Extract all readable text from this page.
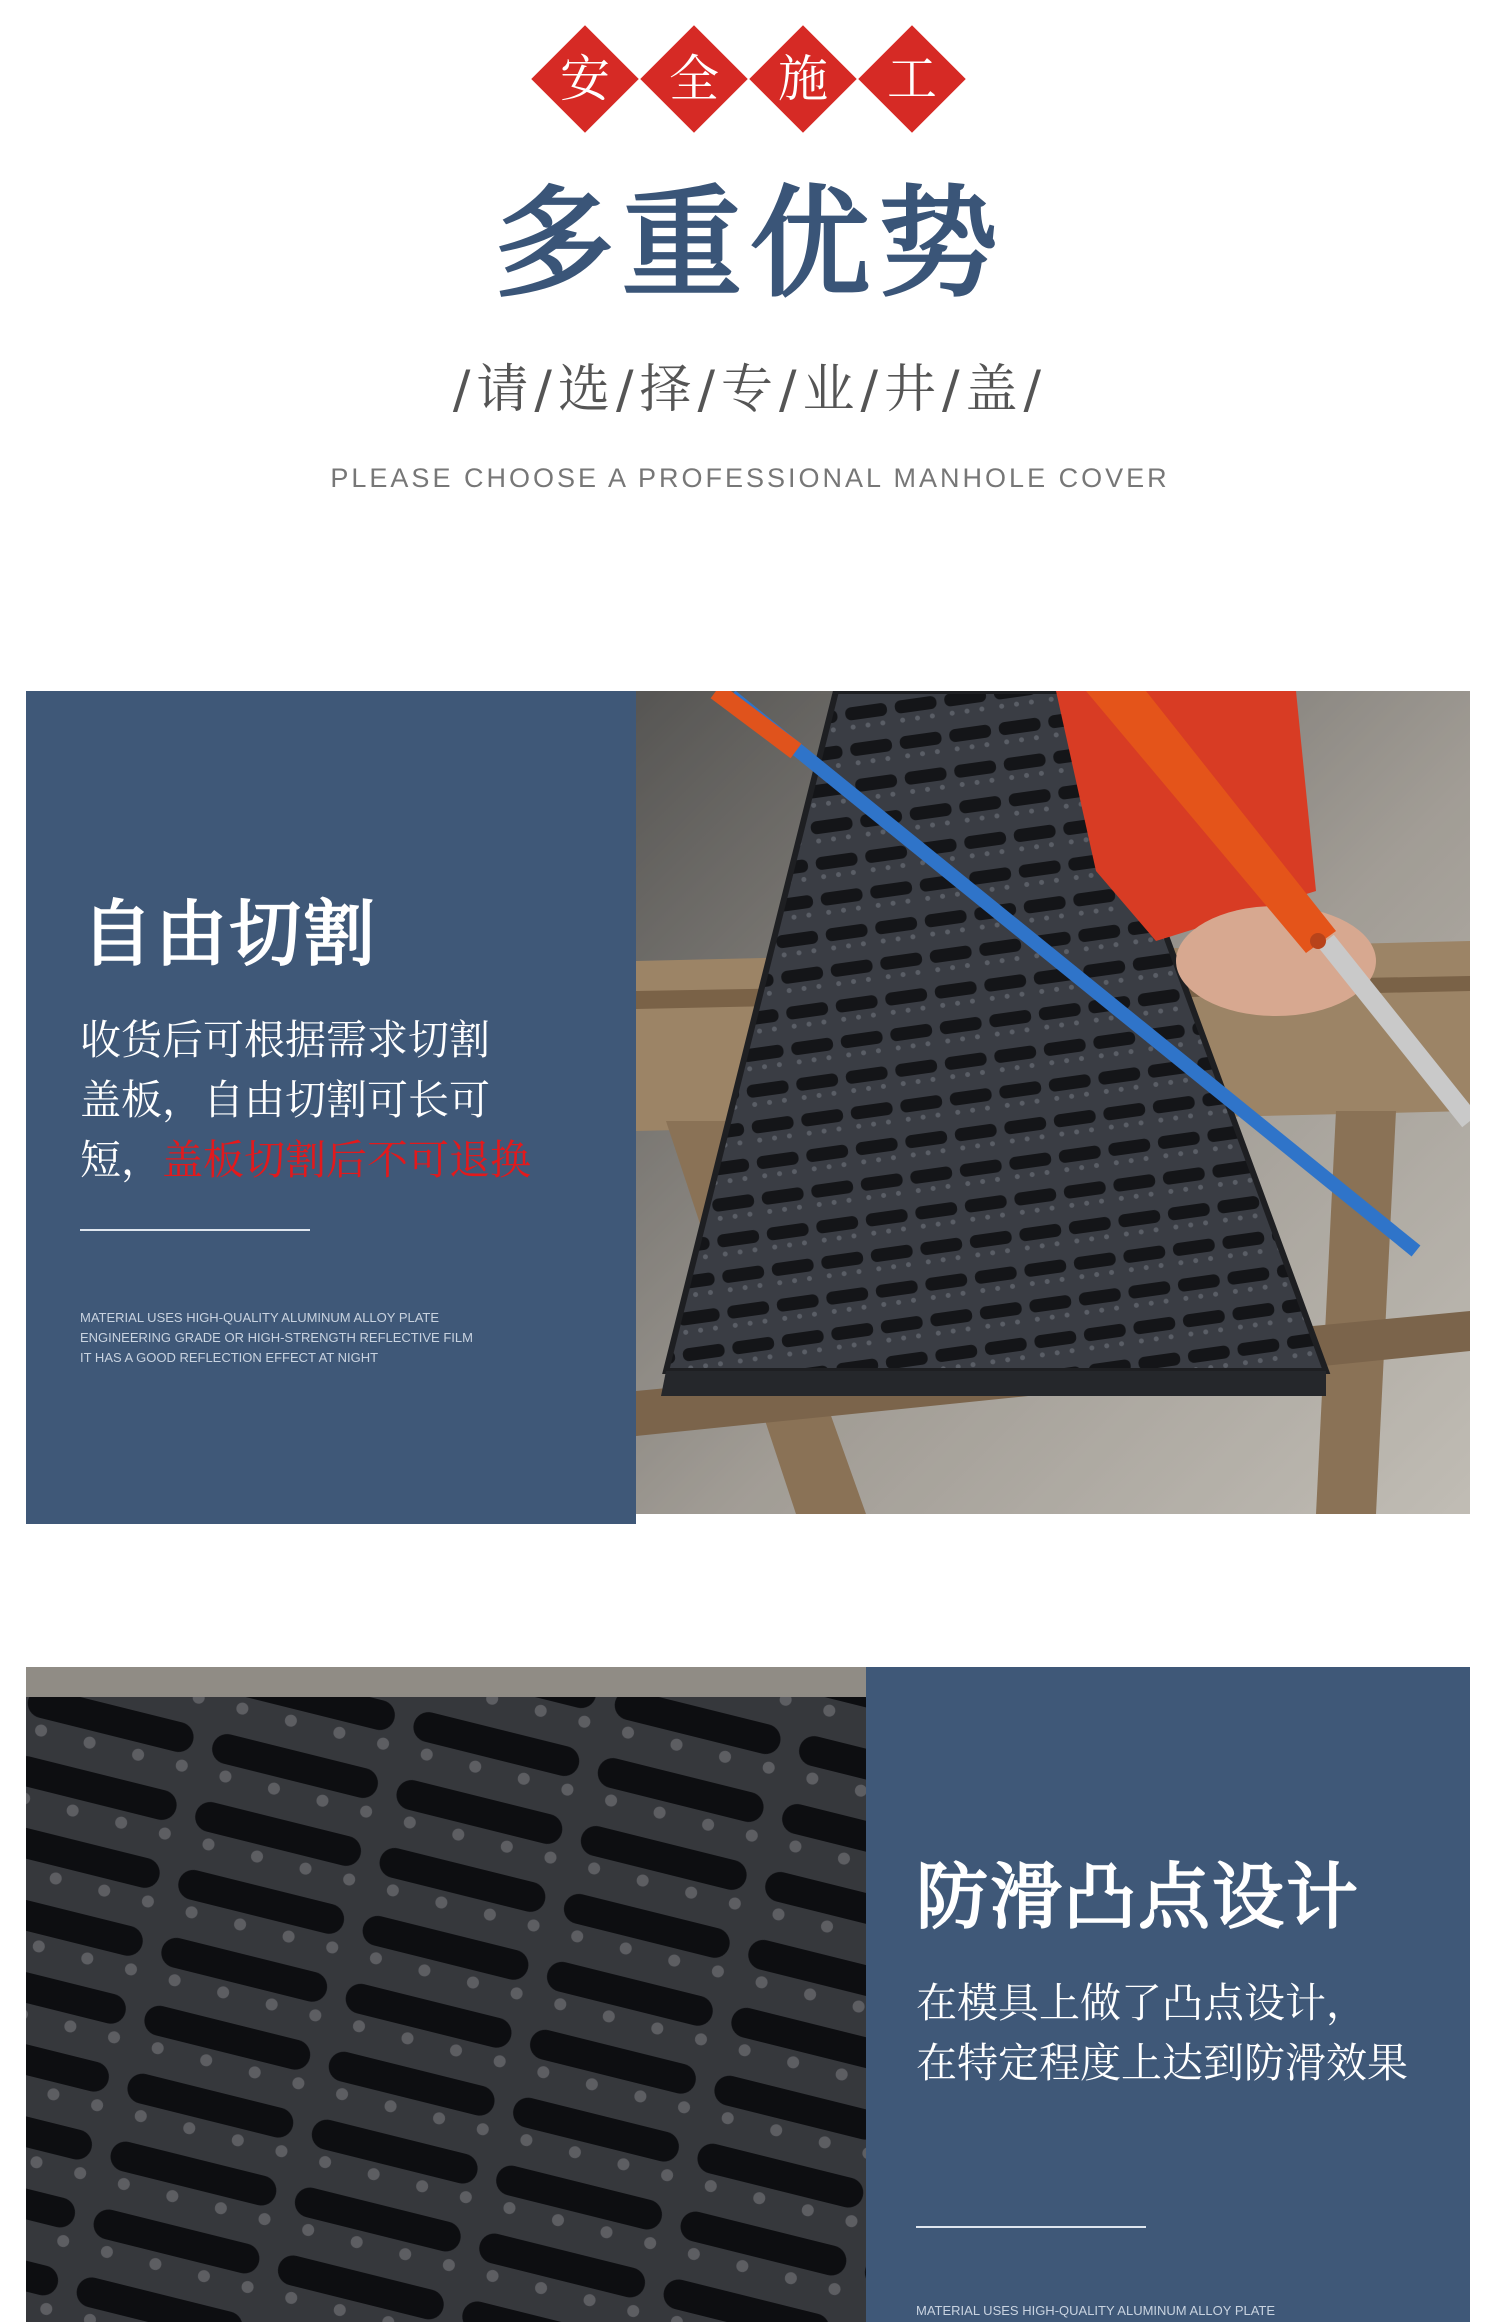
安	全	施	工
多重优势
/请/选/择/专/业/井/盖/
PLEASE CHOOSE A PROFESSIONAL MANHOLE COVER
自由切割
收货后可根据需求切割
盖板，自由切割可长可
短，盖板切割后不可退换
MATERIAL USES HIGH-QUALITY ALUMINUM ALLOY PLATE
ENGINEERING GRADE OR HIGH-STRENGTH REFLECTIVE FILM
IT HAS A GOOD REFLECTION EFFECT AT NIGHT
防滑凸点设计
在模具上做了凸点设计，
在特定程度上达到防滑效果
MATERIAL USES HIGH-QUALITY ALUMINUM ALLOY PLATE
